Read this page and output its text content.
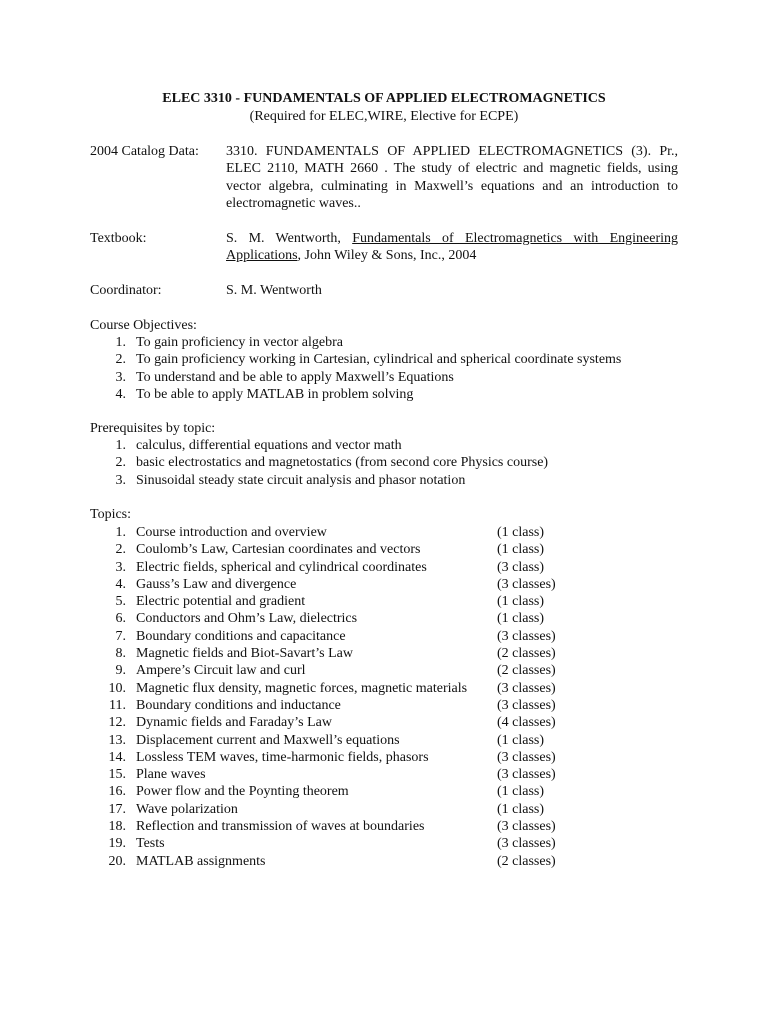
ELEC 3310 - FUNDAMENTALS OF APPLIED ELECTROMAGNETICS
(Required for ELEC,WIRE, Elective for ECPE)
2004 Catalog Data: 3310. FUNDAMENTALS OF APPLIED ELECTROMAGNETICS (3). Pr., ELEC 2110, MATH 2660 . The study of electric and magnetic fields, using vector algebra, culminating in Maxwell’s equations and an introduction to electromagnetic waves..
Textbook:	S. M. Wentworth, Fundamentals of Electromagnetics with Engineering Applications, John Wiley & Sons, Inc., 2004
Coordinator:	S. M. Wentworth
Course Objectives:
1. To gain proficiency in vector algebra
2. To gain proficiency working in Cartesian, cylindrical and spherical coordinate systems
3. To understand and be able to apply Maxwell’s Equations
4. To be able to apply MATLAB in problem solving
Prerequisites by topic:
1. calculus, differential equations and vector math
2. basic electrostatics and magnetostatics (from second core Physics course)
3. Sinusoidal steady state circuit analysis and phasor notation
Topics:
1. Course introduction and overview	(1 class)
2. Coulomb’s Law, Cartesian coordinates and vectors	(1 class)
3. Electric fields, spherical and cylindrical coordinates	(3 class)
4. Gauss’s Law and divergence	(3 classes)
5. Electric potential and gradient	(1 class)
6. Conductors and Ohm’s Law, dielectrics	(1 class)
7. Boundary conditions and capacitance	(3 classes)
8. Magnetic fields and Biot-Savart’s Law	(2 classes)
9. Ampere’s Circuit law and curl	(2 classes)
10. Magnetic flux density, magnetic forces, magnetic materials (3 classes)
11. Boundary conditions and inductance	(3 classes)
12. Dynamic fields and Faraday’s Law	(4 classes)
13. Displacement current and Maxwell’s equations	(1 class)
14. Lossless TEM waves, time-harmonic fields, phasors	(3 classes)
15. Plane waves	(3 classes)
16. Power flow and the Poynting theorem	(1 class)
17. Wave polarization	(1 class)
18. Reflection and transmission of waves at boundaries	(3 classes)
19. Tests	(3 classes)
20. MATLAB assignments	(2 classes)
